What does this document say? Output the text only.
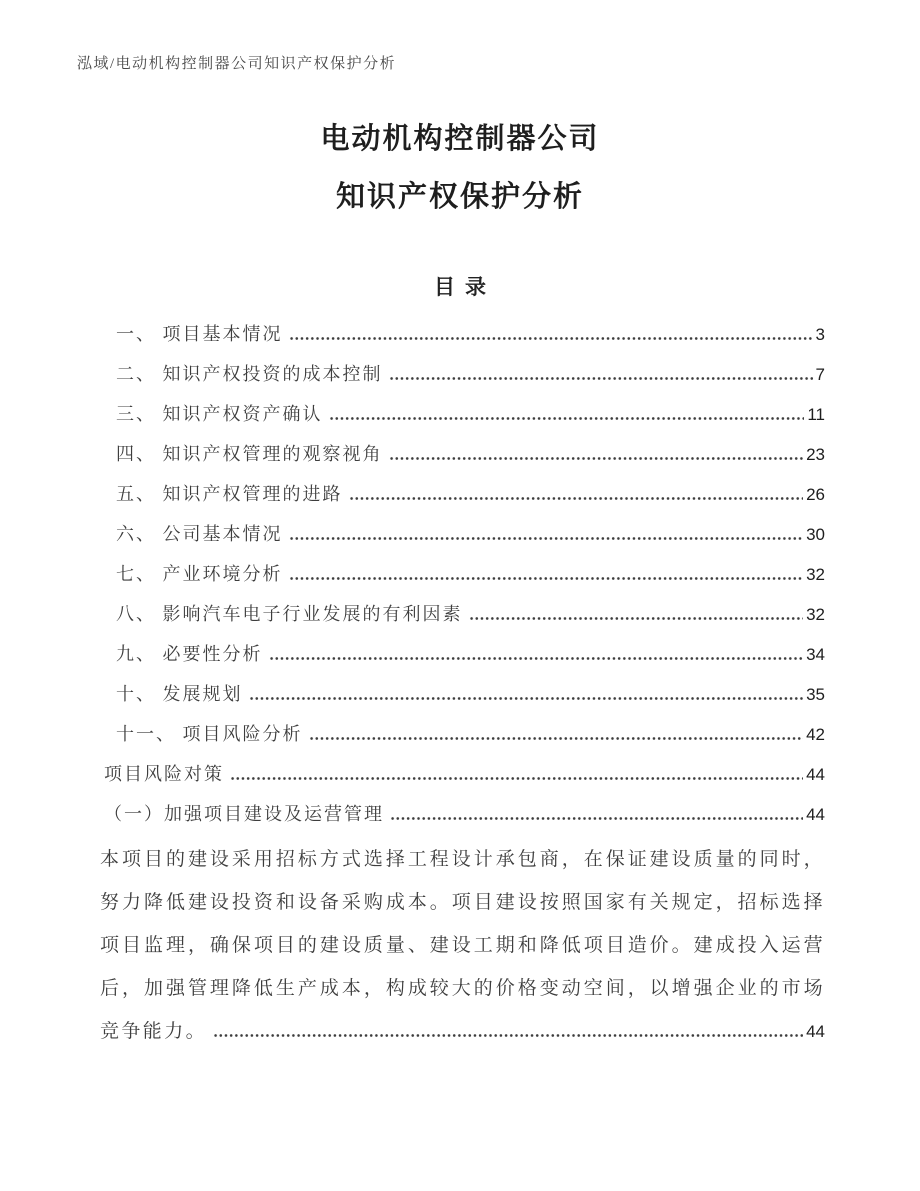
泓域/电动机构控制器公司知识产权保护分析
电动机构控制器公司
知识产权保护分析
目录
一、 项目基本情况	3
二、 知识产权投资的成本控制	7
三、 知识产权资产确认	11
四、 知识产权管理的观察视角	23
五、 知识产权管理的进路	26
六、 公司基本情况	30
七、 产业环境分析	32
八、 影响汽车电子行业发展的有利因素	32
九、 必要性分析	34
十、 发展规划	35
十一、 项目风险分析	42
项目风险对策	44
（一）加强项目建设及运营管理	44
本项目的建设采用招标方式选择工程设计承包商，在保证建设质量的同时，
努力降低建设投资和设备采购成本。项目建设按照国家有关规定，招标选择
项目监理，确保项目的建设质量、建设工期和降低项目造价。建成投入运营
后，加强管理降低生产成本，构成较大的价格变动空间，以增强企业的市场
竞争能力。	44
